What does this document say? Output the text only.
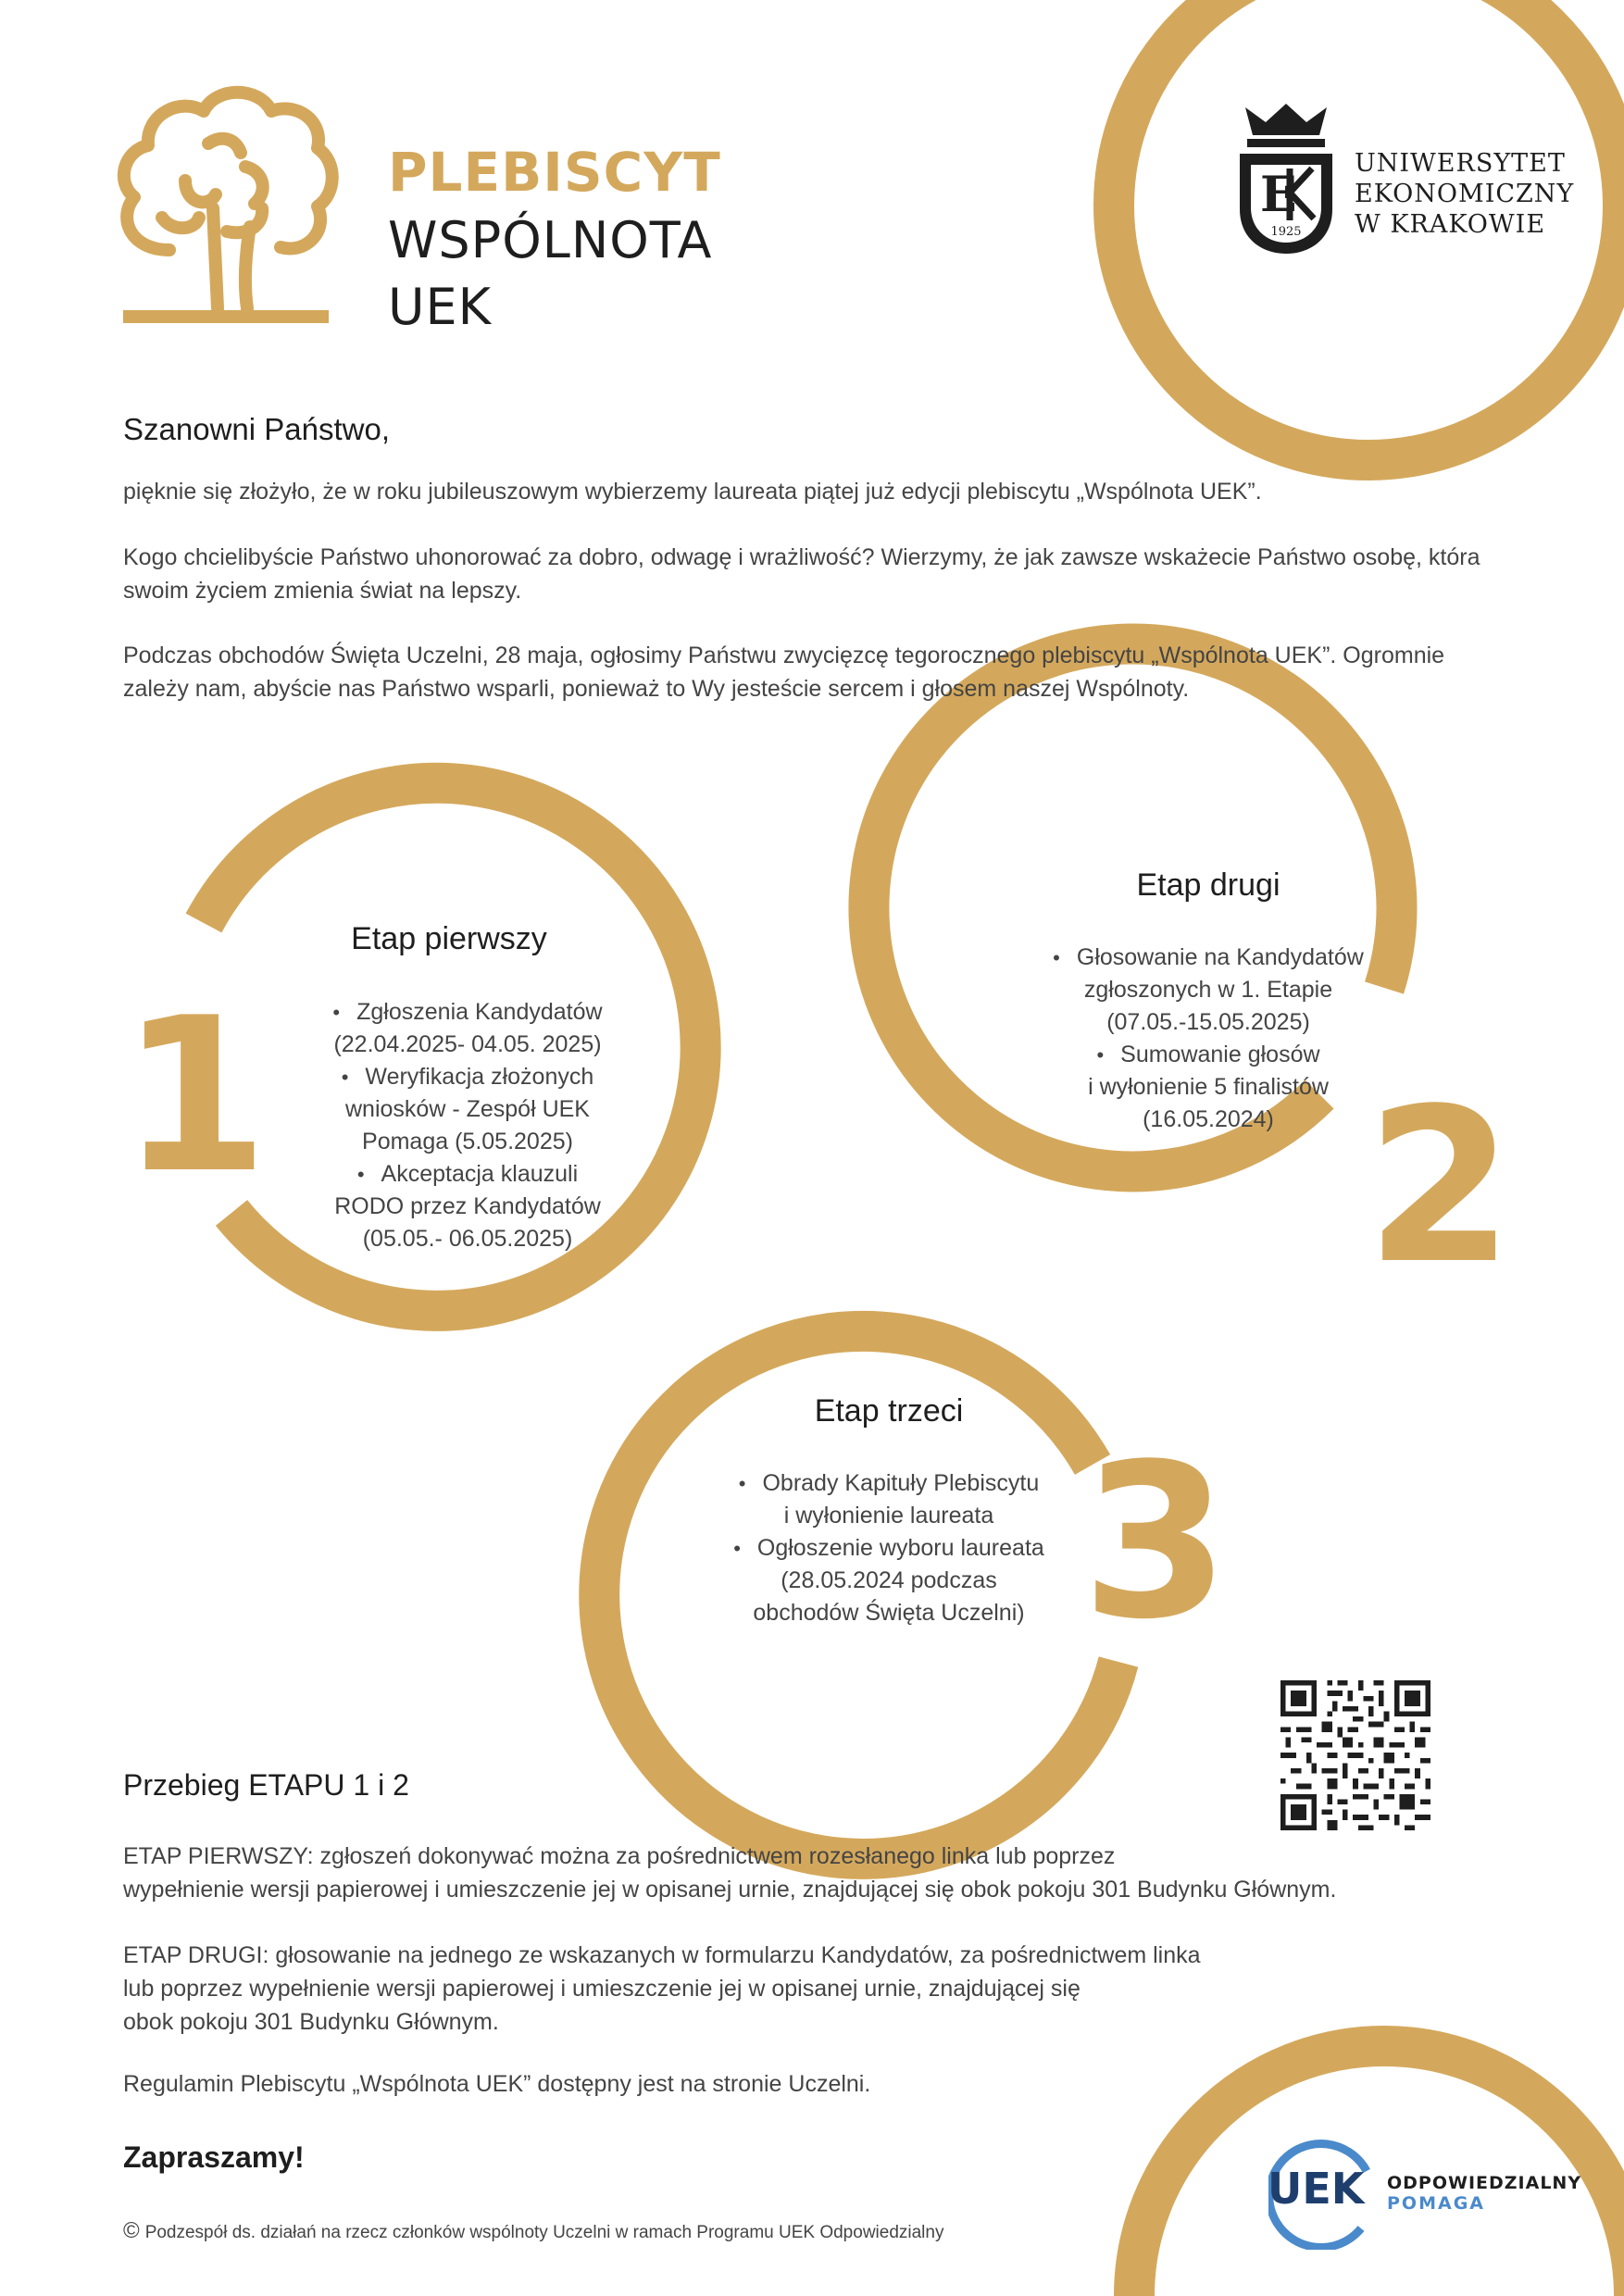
PLEBISCYT
WSPÓLNOTA
UEK
E
1925
UNIWERSYTET
EKONOMICZNY
W KRAKOWIE
Szanowni Państwo,
pięknie się złożyło, że w roku jubileuszowym wybierzemy laureata piątej już edycji plebiscytu „Wspólnota UEK”.
Kogo chcielibyście Państwo uhonorować za dobro, odwagę i wrażliwość? Wierzymy, że jak zawsze wskażecie Państwo osobę, która swoim życiem zmienia świat na lepszy.
Podczas obchodów Święta Uczelni, 28 maja, ogłosimy Państwu zwycięzcę tegorocznego plebiscytu „Wspólnota UEK”. Ogromnie zależy nam, abyście nas Państwo wsparli, ponieważ to Wy jesteście sercem i głosem naszej Wspólnoty.
1
Etap pierwszy
• Zgłoszenia Kandydatów
(22.04.2025- 04.05. 2025)
• Weryfikacja złożonych
wniosków - Zespół UEK
Pomaga (5.05.2025)
• Akceptacja klauzuli
RODO przez Kandydatów
(05.05.- 06.05.2025)
Etap drugi
• Głosowanie na Kandydatów
zgłoszonych w 1. Etapie
(07.05.-15.05.2025)
• Sumowanie głosów
i wyłonienie 5 finalistów
(16.05.2024) 2
Etap trzeci
• Obrady Kapituły Plebiscytu
i wyłonienie laureata
• Ogłoszenie wyboru laureata
(28.05.2024 podczas
obchodów Święta Uczelni) 3
Przebieg ETAPU 1 i 2
ETAP PIERWSZY: zgłoszeń dokonywać można za pośrednictwem rozesłanego linka lub poprzez
wypełnienie wersji papierowej i umieszczenie jej w opisanej urnie, znajdującej się obok pokoju 301 Budynku Głównym.
ETAP DRUGI: głosowanie na jednego ze wskazanych w formularzu Kandydatów, za pośrednictwem linka
lub poprzez wypełnienie wersji papierowej i umieszczenie jej w opisanej urnie, znajdującej się
obok pokoju 301 Budynku Głównym.
Regulamin Plebiscytu „Wspólnota UEK” dostępny jest na stronie Uczelni.
Zapraszamy!
© Podzespół ds. działań na rzecz członków wspólnoty Uczelni w ramach Programu UEK Odpowiedzialny
UEK ODPOWIEDZIALNY
POMAGA
